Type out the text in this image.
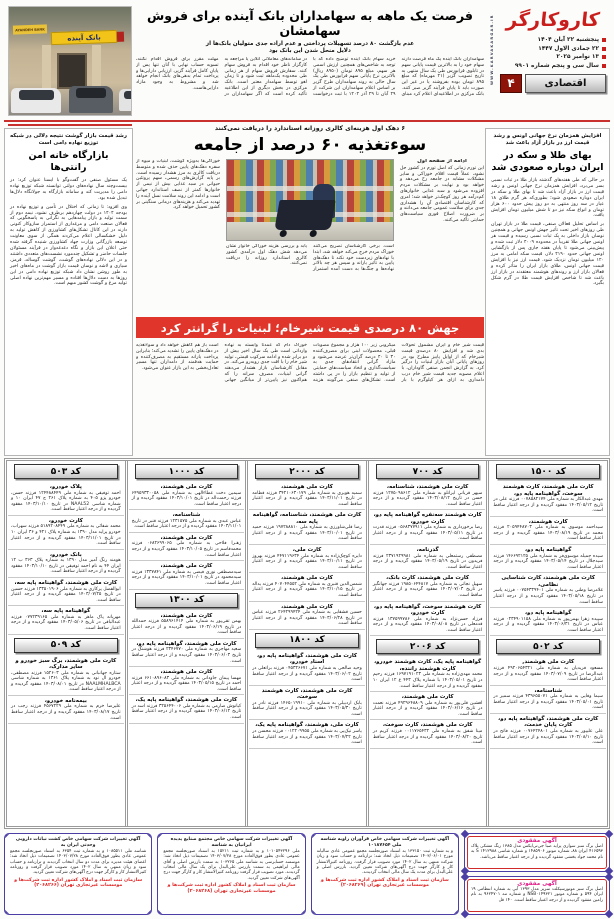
WWW.KARVAKARGAR.IR کاروکارگر
پنجشنبه ۲۲ آبان ۱۴۰۴
۲۲ جمادی الاول ۱۴۴۷
۱۳ نوامبر ۲۰۲۵
سال سی و پنجم شماره ۹۹۰۱
۴	اقتصادی
AYANDEH BANK
بانک آینده
فرصت یک ماهه به سهامداران بانک آینده برای فروش سهامشان
عدم بازگشت ۸۰ درصد تسهیلات پرداختی و عدم اراده جدی متولیان بانک‌ها از دلایل منحل شدن این بانک بود
سهامداران بانک آینده یک ماه فرصت دارند سهام خود را به بالاترین قیمت پایانی سهم در تابلوی فرابورس طی یک سال منتهی به تاریخ تصویب گزیر (۲۱ مهرماه) که مبلغ ۸۹۵ تومان بوده بفروشند یا در غیر این صورت باید تا پایان فرآیند گزیر صبر کنند. بانک مرکزی در اطلاعیه‌ای اعلام کرد مبنای خرید سهام بانک آینده توضیح داده که با توجه به شاخص‌های همچنین ارزش اسمی هر سهم، مبلغ ۸۹۵ تومان (۸۹۵۰ ریال) بالاترین نرخ پایانی سهم فرابورس طی یک سال حالی به روند سهامداران طرح گزیر بر اساس اعلام سهامداران این شرکت از ۲۹ آبان تا ۲۹ آذر ۱۴۰۴ با ثبت درخواست در سامانه‌های معاملاتی آنلاین یا مراجعه به کارگزار ناظر خود اقدام به فروش سهام کنند. سفارش فروش سهام از هر زمانی طی محدوده یک‌ماهه ثبت شود و تا زمان لغو توسط سهامدار معتبر است. بانک مرکزی در بخش دیگری از این اطلاعیه تأکید کرده است که اگر سهامداران در مهلت مقرر برای فروش اقدام نکنند، تسویه حساب نهایی با آنان تنها پس از پایان کامل فرآیند گزیر، ارزیابی دارایی‌ها و پرداخت تمام بدهی‌های بانک انجام خواهد شد و مشروط به وجود مازاد دارایی‌هاست.
رشد قیمت بازار گوشت نتیجه دلالی در شبکه توزیع نهاده دامی است
بازارگاه خانه امن رانتی‌ها

یک مسئول صنفی در گفت‌وگو با ایسنا عنوان کرد: در بیست‌وچند سال نهاده‌های دولتی توانسته شبکه توزیع نهاده دامی را مدیریت کند و سامانه بازارگاه به جولانگاه دلال‌ها تبدیل شده بود.

وی افزود: تا زمانی که اختلال در تأمین و توزیع نهاده در بودجه ۱۴۰۴ در دولت چهاردهم برطرف نشود، نیمه دوم از سمت تولید و بازار پیامدهایی به نگرانی به پاسخگویی که فعالان صنعت دامی و مرغداری از استمرار سازوکار کنونی دارند در این کانال تشکل‌های کشاورزی از کاهش تولید به دلیل خشکسالی اعلام می‌کردند همگی از سوی معاونت توسعه بازرگانی وزارت جهاد کشاورزی شنیده گرفته شده حتی اعلان این بازار و نگاه دغدغه‌وار در فرآیند مسئولان جلسات حاضر و تشکیل چندمورد نشست‌های متعددی داشتند و در این دلالی نهاده‌های گوشت، گوشت گوساله، قرمز، سیاری و لاشه و نوسان قیمت بازار گوشت در ماه‌های اخیر به طور روشن نشان داد شبکه توزیع نهاده دامی در این روزها به دست دلال‌ها افتاده و مسیر مهم‌ترین نهاده اصلی تولید مرغ و گوشت کشور مبهم است.

افزایش همزمان نرخ جهانی اونس و رشد قیمت ارز در بازار آزاد باعث شد
بهای طلا و سکه در ایران دوباره صعودی شد

در حالی که طی هفته‌های گذشته بازار طلا در ثبات نسبی بسر می‌برد، افزایش همزمان نرخ جهانی اونس و رشد قیمت ارز در بازار آزاد باعث شد تا بهای طلا و سکه در ایران دوباره صعودی شود؛ بطوری‌که هر گرم طلای ۱۸ عیار در سه روز منتهی به دو روز پیش حدود ۶۰۰ هزار تومان و انواع سکه نیز دو تا شش میلیون تومان افزایش یافت.

بر اساس تحلیل فعالان صنفی، قیمت طلا در بازار تهران طی روزهای اخیر تحت تأثیر جهش اونس جهانی و همچنین نوسان بازار داخلی به یک ثبات نسبی رسیده و قیمت هر اونس جهانی طلا تقریباً در محدوده ۴۰۰۹ دلار ثبت شده و پیش‌بینی می‌شود تا پایان هفته جاری پس از بازگشایی اونس جهانی حدود ۴۱۹۰ دلار، قیمت سکه امامی به مرز ۱۲۰ میلیون تومان نزدیک شود. قیمت ارز نیز با افزایش قیمت جهانی اونس، طلای بازار ایران را متأثر کرده و فعالان بازار ارز و روندهای هوشمند معتقدند در بازار ارز باعث شد تا شاخص افزایش قیمت طلا در گرم شکل بگیرد.

۶ دهک اول هزینه‌ای کالری روزانه استاندارد را دریافت نمی‌کنند
سوءتغذیه ۶۰ درصد از جامعه
ادامه از صفحه اول
این تورم زمانی که اصل تورم در کشور حل نشود، عملاً قیمت اقلام خوراکی و سایر مشکلات مشابه در جامعه رخ می‌دهد و خواهد بود و نهایت بر مشکلات مردم افزوده می‌شود و سبد غذایی خانوارهای کم‌درآمد هر روز کوچک‌تر خواهد شد؛ امری که کارشناسان اقتصادی آن را هشداری جدی برای سلامت عمومی جامعه می‌دانند و بر ضرورت اصلاح فوری سیاست‌های حمایتی تأکید می‌کنند.
است. برخی کارشناسان تصریح می‌کنند خوراک مردم خرج می‌کند خواهد شد، ابتدا با نهادهای زیردست خود نکند تا دهک‌های پایین به تأثیر یارانه و سپس هر چه بالاتر نهاده‌ها و جنگ‌ها به دست آمده استمرار یابد و بررسی هزینه خوراکی خانوار نشان می‌دهد شش دهک اول درآمدی کشور کالری استاندارد روزانه را دریافت نمی‌کنند.
خوراکی‌ها به‌ویژه گوشت، لبنیات و میوه از سفره دهک‌های پایین حذف شده و متوسط دریافت کالری به مرز هشدار رسیده است. بر پایه گزارش‌های رسمی، سهم پروتئین حیوانی در سبد غذایی بیش از نیمی از خانوارها کمتر از نصف استاندارد جهانی است و ادامه این روند سلامت نسل آینده را تهدید می‌کند و هزینه‌های درمانی سنگینی بر کشور تحمیل خواهد کرد.
جهش ۸۰ درصدی قیمت شیرخام؛ لبنیات را گرانتر کرد
قیمت شیر خام و ایران مشمول تحولات بدی شد و افزایش ۸۰ درصدی قیمت شیرخام که از اوایل پاییز مطرح بود در روزهای پایانی آبان بازار لبنیات را درگیر کرد. به گزارش انجمن صنفی گاوداران، با اعلام مصوبه جدید قیمت شیر خام درب دامداری به ازای هر کیلوگرم با بار میکروبی زیر ۱۰۰ هزار و مجموع مصوبات قبلی، محصولات لبنی برای مصرف‌کننده ۳۰ تا ۴۰ درصد گران‌تر عرضه می‌شود و مازاد گرانی انتقادهای جدی به سیاست‌گذاری و اتخاذ سیاست‌های حمایتی از تولید و تنظیم بازار را در پی داشته است. تشکل‌های صنفی می‌گویند هزینه خوراک دام که عمدتاً وابسته به نهاده وارداتی است طی یک سال اخیر بیش از دو برابر شده و ادامه سرکوب قیمتی، تولید شیر خام را با افت جدی روبه‌رو می‌کند. در مقابل کارشناسان بازار هشدار می‌دهند گرانی لبنیات، مصرف سرانه را که هم‌اکنون نیز پایین‌تر از میانگین جهانی است باز هم کاهش خواهد داد و سوءتغذیه در دهک‌های پایین را تشدید می‌کند؛ بنابراین پرداخت یارانه مستقیم به مصرف‌کننده و حمایت هدفمند از دامداران تنها مسیر تعادل‌بخشی به این بازار عنوان می‌شود.
کد ۱۵۰۰
کارت ملی هوشمند، کارت هوشمند سوخت، گواهینامه پایه دو،
مهدی عبدالکار به شماره ملی ۰۰۷۸۵۸۲۱۷۴ فرزند علی در تاریخ ۱۴۰۳/۰۵/۱۲ مفقود گردیده و از درجه اعتبار ساقط است.
کارت هوشمند،
سیداحمد موسوی به شماره ملی ۲۰۵۹۴۴۸۷۰۳ فرزند محمد در تاریخ ۱۴۰۳/۰۸/۱۹ مفقود گردیده و از درجه اعتبار ساقط است.
گواهینامه پایه دو،
سیده جمیله موسوی‌فر به شماره ملی ۱۴۶۶۹۲۱۲۵ فرزند سیدجلال در تاریخ ۱۴۰۳/۰۵/۱۴ مفقود گردیده و از درجه اعتبار ساقط است.
کارت ملی هوشمند، کارت شناسایی نظامی،
غلامرضا وطنی به شماره ملی ۰۰۷۵۴۳۳۹۴۰۱ فرزند یاسر در تاریخ ۱۴۰۳/۰۵/۱۸ مفقود گردیده و از درجه اعتبار ساقط است.
گواهینامه پایه دو،
سپیده زهرا بهمن‌پور به شماره ملی ۰۲۳۴۹۰۱۱۵۸ فرزند عباس در تاریخ ۱۴۰۳/۰۶/۳۱ مفقود گردیده و از درجه اعتبار ساقط است.
کد ۵۰۲
کارت ملی هوشمند,
مسعود فریدیان به شماره ملی ۴۹۲۰۶۵۴۳۲۱ فرزند عبدالرضا در تاریخ ۱۴۰۳/۰۷/۰۹ مفقود گردیده و از درجه اعتبار ساقط است.
شناسنامه،
سیما وفایی به شماره ملی ۴۳۹۶۵۵۰۷۱ فرزند سمیر در تاریخ ۱۴۰۳/۰۵/۰۱ مفقود گردیده و از درجه اعتبار ساقط است.
کارت ملی هوشمند، گواهینامه پایه دو، کارت پایان خدمت،
علی علیپور به شماره ملی ۰۰۷۶۴۲۴۸۰۱ فرزند فاتح در تاریخ ۱۴۰۳/۰۸/۱۰ مفقود گردیده و از درجه اعتبار ساقط است.
کد ۷۰۰
کارت ملی هوشمند، شناسنامه،
سپهر قربانی ایرانلو به شماره ملی ۱۲۷۵۰۹۸۶۱۲ فرزند حسن در تاریخ ۱۴۰۳/۰۸/۱۲ مفقود گردیده و از درجه اعتبار ساقط است.
کارت هوشمند سه‌نفره گواهینامه پایه دو، کارت خودرو،
رضا برخورداری به شماره ملی ۰۵۶۸۳۷۷۹۱۱ فرزند قدرت در تاریخ ۱۴۰۳/۰۵/۱۱ مفقود گردیده و از درجه اعتبار ساقط است.
گذرنامه،
مصطفی رستمعلی به شماره ملی ۲۳۷۱۹۲۹۹۸۱ فرزند فریدون در تاریخ ۱۴۰۳/۰۵/۱۹ مفقود گردیده و از درجه اعتبار ساقط است.
کارت ملی هوشمند، کارت بانک،
سهیل نجاتی به شماره ملی ۱۹۸۵۰۶۴۴۸۱۷ فرزند جهانگیر در تاریخ ۱۴۰۳/۰۷/۰۳ مفقود گردیده و از درجه اعتبار ساقط است.
کارت هوشمند سوخت، گواهینامه پایه دو، کارت خودرو،
فرزاد حسن‌نژاد به شماره ملی ۱۳۷۵۹۹۷۸۶ فرزند قدمعلی در تاریخ ۱۴۰۳/۰۸/۰۸ مفقود گردیده و از درجه اعتبار ساقط است.
کد ۲۰۰۶
گواهینامه پایه یک، کارت هوشمند خودرو، کارت هوشمند راننده،
محمد مهدی‌زاده به شماره ملی ۱۶۹۷۱۹۱۰۲۳ فرزند رحیم در تاریخ ۱۴۰۳/۰۵/۰۱ با شماره پلاک ۴۴۳ ع ۱۲ ایران ۱۰ مفقود گردیده و از درجه اعتبار ساقط است.
کارت ملی هوشمند،
افشین قلی‌پور به شماره ملی ۴۹۲۹۶۴۸۸۰۹ فرزند نعمت در تاریخ ۱۴۰۳/۰۶/۱۶ مفقود گردیده و از درجه اعتبار ساقط است.
کارت ملی هوشمند، کارت سوخت،
مینا شفق به شماره ملی ۰۰۱۱۷۶۵۴۳۲ فرزند کریم در تاریخ ۱۴۰۳/۰۸/۲۰ مفقود گردیده و از درجه اعتبار ساقط است.
کد ۲۰۰۰
کارت ملی هوشمند،
سمیه هویزی به شماره ملی ۳۴۲۱۰۶۳۰۱۷۹ فرزند قطامه در تاریخ ۱۴۰۳/۱۱/۰۱ مفقود گردیده و از درجه اعتبار ساقط است.
کارت ملی هوشمند، شناسنامه، گواهینامه پایه سه،
رضا قلی‌شاورزی به شماره ملی ۱۹۷۲۸۸۸۱۰ فرزند حمید در تاریخ ۱۴۰۳/۱۰/۰۱ مفقود گردیده و از درجه اعتبار ساقط است.
کارت ملی،
دایره کوچک‌زاده به شماره ملی ۴۴۷۱۱۹۶۳۴ فرزند بهروز در تاریخ ۱۴۰۳/۱۰/۱۱ مفقود گردیده و از درجه اعتبار ساقط است.
کارت ملی هوشمند،
شمس‌الدین قنبری به شماره ملی ۴۰۷۰۴۴۵۵۲ فرزند یداله در تاریخ ۱۴۰۳/۱۰/۱۵ مفقود گردیده و از درجه اعتبار ساقط است.
کارت ملی هوشمند،
حسین قشقایی به شماره ملی ۲۶۴۲۹۹۴۲۴ فرزند عباس در تاریخ ۱۴۰۳/۰۶/۲۸ مفقود گردیده و از درجه اعتبار ساقط است.
کد ۱۸۰۰
کارت ملی هوشمند، گواهینامه پایه دو، اسناد خودرو،
وحید صالحی به شماره ملی ۰۴۵۳۲۶۶۷۱ فرزند براتعلی در تاریخ ۱۴۰۳/۰۶/۰۲ مفقود گردیده و از درجه اعتبار ساقط است.
کارت ملی هوشمند، کارت هوشمند سوخت،
بابک اردبیلی به شماره ملی ۱۴۶۵۰۱۹۹۱۰ فرزند نادر در تاریخ ۱۴۰۳/۰۵/۳۰ مفقود گردیده و از درجه اعتبار ساقط است.
کارت ملی، هوشمند، گواهینامه پایه یک،
یاسر نیک‌پی به شماره ملی ۰۰۱۲۲۰۹۹۵۵ فرزند محسن در تاریخ ۱۴۰۳/۰۷/۲۲ مفقود گردیده و از درجه اعتبار ساقط است.
کد ۱۰۰۰
کارت ملی هوشمند،
سیمین دخت عطاءالهی به شماره ملی ۶۴۹۵۹۳۳۰۰۵۸ فرزند رحمت‌اله در تاریخ ۱۴۰۳/۱۰/۰۱ مفقود گردیده و از درجه اعتبار ساقط است.
شناسنامه،
عباس عبدی به شماره ملی ۱۲۳۱۵۷۵ فرزند قنبر در تاریخ ۱۴۰۳/۱۱/۰۱ مفقود گردیده و از درجه اعتبار ساقط است.
کارت ملی هوشمند،
زهـرا فلاحی به شماره ملی ۰۶۸۲۶۹۹۰۶۵ فرزند محمدقاسم در تاریخ ۱۴۰۳/۱۰/۰۵ مفقود گردیده و از درجه اعتبار ساقط است.
کارت ملی هوشمند،
سیدمصطفی نوری فیضی به شماره ملی ۱۳۳۷۸۴۱ فرزند سیدمحمود در تاریخ ۱۴۰۳/۱۰/۰۱ مفقود گردیده و از درجه اعتبار ساقط است.
کد ۱۳۰۰
کارت ملی هوشمند،
بهمن تقی‌پور به شماره ملی ۵۵۸۹۶۱۴۱۴ فرزند حمدالله در تاریخ ۱۴۰۳/۰۶/۱۹ مفقود گردیده و از درجه اعتبار ساقط است.
کارت ملی هوشمند، گواهینامه پایه دو،
سعید مهاجری به شماره ملی ۲۳۴۶۷۷۰ فرزند هوشنگ در تاریخ ۱۴۰۳/۰۶/۰۳ مفقود گردیده و از درجه اعتبار ساقط است.
کارت ملی هوشمند،
مهسا پیمان جاودانی به شماره ملی ۶۶۱۰۸۹۶۰۸۳ فرزند احمد در تاریخ ۱۴۰۳/۰۵/۱۵ مفقود گردیده و از درجه اعتبار ساقط است.
کارت ملی هوشمند، گواهینامه پایه یک،
کیانوش صارمی به شماره ملی ۳۲۵۶۴۴۰۰۶ فرزند اسد در تاریخ ۱۴۰۳/۰۶/۱۲ مفقود گردیده و از درجه اعتبار ساقط است.
کد ۵۰۳
پلاک خودرو،
احمد توفیقی به شماره ملی ۱۲۴۴۸۸۴۴۹ فرزند حسن، خودرو پژو ۴۰۵ به شماره پلاک ۲۶۱ ج ۴۷ ایران ۱۰ و شماره شاسی NAAL52 در تاریخ ۱۴۰۳/۱۰/۱۰ مفقود گردیده و از درجه اعتبار ساقط است.
کارت خودرو،
محمد شفائی به شماره ملی ۵۱۸۹۲۰۸۴۴۹ فرزند سهراب، خودرو پراید مدل ۱۳۹۰ به شماره پلاک ۴۲۱ و ۳۶ ایران ۱۰ در تاریخ ۱۴۰۳/۱۱/۰۱ مفقود گردیده و از درجه اعتبار ساقط است.
بانک خودرو،
هومند رنگ آمیز مدل ۱۳۹۰ به شماره پلاک ۳۶۳ ب ۱۲ ایران ۴۴ به نام احمد توفیقی در تاریخ ۱۴۰۳/۱۰/۱۰ مفقود گردیده و از درجه اعتبار ساقط است.
کارت ملی هوشمند، گواهینامه پایه سه،
ابوالفضل پرکاری به شماره ملی ۱۳۳۵۰۱۹۰۶ فرزند حسین در تاریخ ۱۴۰۳/۰۷/۲۵ مفقود گردیده و از درجه اعتبار ساقط است.
گواهینامه پایه سه،
مهربانه پاک ماهر به شماره ملی ۰۷۷۲۳۹۱۶۵ فرزند عبدالباقی در تاریخ ۱۴۰۳/۰۵/۰۶ مفقود گردیده و از درجه اعتبار ساقط است.
کد ۵۰۹
کارت ملی هوشمند، برگ سبز خودرو و سایر مدارک،
ستاره جهانبانی به شماره ملی ۱۵۲۶۰۳ فرزند مصطفی، خودرو ال نود به شماره پلاک ۱۳۶۱ به شماره شاسی NAALMHALBCA در تاریخ ۱۴۰۳/۰۸/۰۱ مفقود گردیده و از درجه اعتبار ساقط است.
بیمه‌نامه خودرو،
علیرضا خرم به شماره ملی ۴۵۶۷۲۲۹ فرزند رجب در تاریخ ۱۴۰۳/۰۸/۱۷ مفقود گردیده و از درجه اعتبار ساقط است.
آگهی مفقودی
اصل برگ سبز سواری پراید صبا جی‌تی‌ایکس مدل ۱۳۸۵ رنگ مشکی پلاک ۴۱۶۵۹۳ ایران ۸۸، شماره موتور ۱۴۸۵۹۰۶ و شماره شاسی ۱۴۱۲۹۸۸ S به نام محمد جواد بخشی مفقود گردیده و از درجه اعتبار ساقط می‌باشد.
آگهی مفقودی
اصل برگ سبز موتورسیکلت سریر مدل ۱۳۹۳ آبی به شماره انتظامی ۱۹ ایران ۵۹۴ و شماره موتور NSB۰۱۴۹۳۲۱ و شماره تنه ۹۶۲۴۷۰۱ به نام رامین مفقود گردیده و از درجه اعتبار ساقط است. ۱۴۰ قل
آگهی تغییرات شرکت سهامی خاص فرآوران زاویه شناسه ملی ۱۰۱۸۷۶۵۴
و به شماره ثبت ۱۳۳۱۵۰ به استناد صورتجلسه مجمع عمومی عادی سالیانه مورخ ۱۴۰۳/۰۶/۰۱ تصمیمات ذیل اتخاذ شد: ترازنامه و حساب سود و زیان شرکت منتهی به سال ۱۴۰۲ مورد تصویب قرار گرفت. روزنامه کثیرالانتشار کار و کارگر جهت درج آگهی‌های شرکت تعیین گردید. بازرس اصلی و علی‌البدل برای مدت یک سال مالی انتخاب گردیدند.
سازمان ثبت اسناد و املاک کشور اداره ثبت شرکت‌ها و موسسات غیرتجاری تهران (۲۰۶۸۲۶۹)
آگهی تغییرات شرکت سهامی خاص مجتمع صنایع پدیده ایرانیان به شناسه
ملی ۱۰۱۰۵۴۳۲۹۶ و به شماره ثبت ۱۵۲۱۱ به استناد صورتجلسه مجمع عمومی عادی بطور فوق‌العاده مورخ ۱۴۰۳/۰۷/۲۸ تصمیمات ذیل اتخاذ شد: موسسه حسابرسی به شناسه ملی ۱۰۳۲۶۵ به سمت بازرس اصلی و آقای مالی ابراهیمی به سمت بازرس علی‌البدل برای یک سال مالی انتخاب گردیدند. مورد تصویب قرار گرفت روزنامه کثیرالانتشار کار و کارگر جهت درج آگهی‌های شرکت تعیین گردید.
سازمان ثبت اسناد و املاک کشور اداره ثبت شرکت‌ها و موسسات غیرتجاری تهران (۲۰۶۸۲۶۸)
آگهی تغییرات شرکت سهامی خاص کشت نباتات دارویی وحدتی ایران به
شناسه ملی ۱۰۸۵۵۱۱ و به شماره ثبت ۶۳۵۴ به استناد صورتجلسه مجمع عمومی عادی بطور فوق‌العاده مورخ ۱۴۰۳/۰۷/۲۸ تصمیمات ذیل اتخاذ شد: اعضای هیئت مدیره برای مدت دو سال انتخاب گردیدند و ترازنامه و حساب سود و زیان منتهی به سال ۱۴۰۲ مورد تصویب قرار گرفت و روزنامه کثیرالانتشار کار و کارگر جهت درج آگهی‌های شرکت تعیین گردید.
سازمان ثبت اسناد و املاک کشور اداره ثبت شرکت‌ها و موسسات غیرتجاری تهران (۲۰۶۸۲۶۶)
